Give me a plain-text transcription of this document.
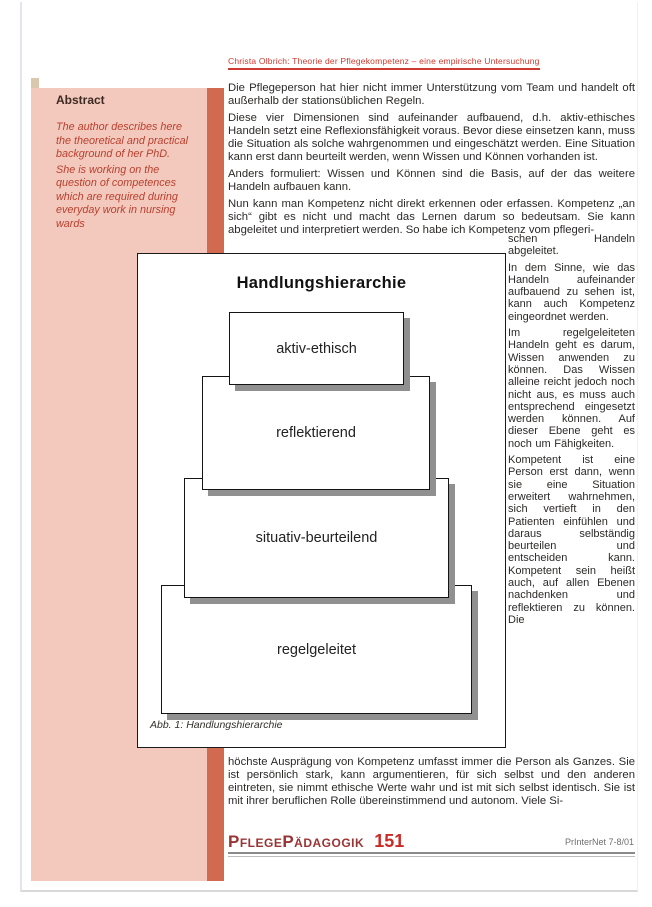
Abstract

The author describes here the theoretical and practical background of her PhD.

She is working on the question of competences which are required during everyday work in nursing wards

Christa Olbrich: Theorie der Pflegekompetenz – eine empirische Untersuchung

Die Pflegeperson hat hier nicht immer Unterstützung vom Team und handelt oft außerhalb der stationsüblichen Regeln.

Diese vier Dimensionen sind aufeinander aufbauend, d.h. aktiv-ethisches Handeln setzt eine Reflexionsfähigkeit voraus. Bevor diese einsetzen kann, muss die Situation als solche wahrgenommen und eingeschätzt werden. Eine Situation kann erst dann beurteilt werden, wenn Wissen und Können vorhanden ist.

Anders formuliert: Wissen und Können sind die Basis, auf der das weitere Handeln aufbauen kann.

Nun kann man Kompetenz nicht direkt erkennen oder erfassen. Kompetenz „an sich“ gibt es nicht und macht das Lernen darum so bedeutsam. Sie kann abgeleitet und interpretiert werden. So habe ich Kompetenz vom pflegeri-

schen Handeln abgeleitet.

In dem Sinne, wie das Handeln aufeinander aufbauend zu sehen ist, kann auch Kompetenz eingeordnet werden.

Im regelgeleiteten Handeln geht es darum, Wissen anwenden zu können. Das Wissen alleine reicht jedoch noch nicht aus, es muss auch entsprechend eingesetzt werden können. Auf dieser Ebene geht es noch um Fähigkeiten.

Kompetent ist eine Person erst dann, wenn sie eine Situation erweitert wahrnehmen, sich vertieft in den Patienten einfühlen und daraus selbständig beurteilen und entscheiden kann. Kompetent sein heißt auch, auf allen Ebenen nachdenken und reflektieren zu können. Die

höchste Ausprägung von Kompetenz umfasst immer die Person als Ganzes. Sie ist persönlich stark, kann argumentieren, für sich selbst und den anderen eintreten, sie nimmt ethische Werte wahr und ist mit sich selbst identisch. Sie ist mit ihrer beruflichen Rolle übereinstimmend und autonom. Viele Si-

Handlungshierarchie
aktiv-ethisch
reflektierend
situativ-beurteilend
regelgeleitet
Abb. 1: Handlungshierarchie
PflegePädagogik 151	PrInterNet 7-8/01
